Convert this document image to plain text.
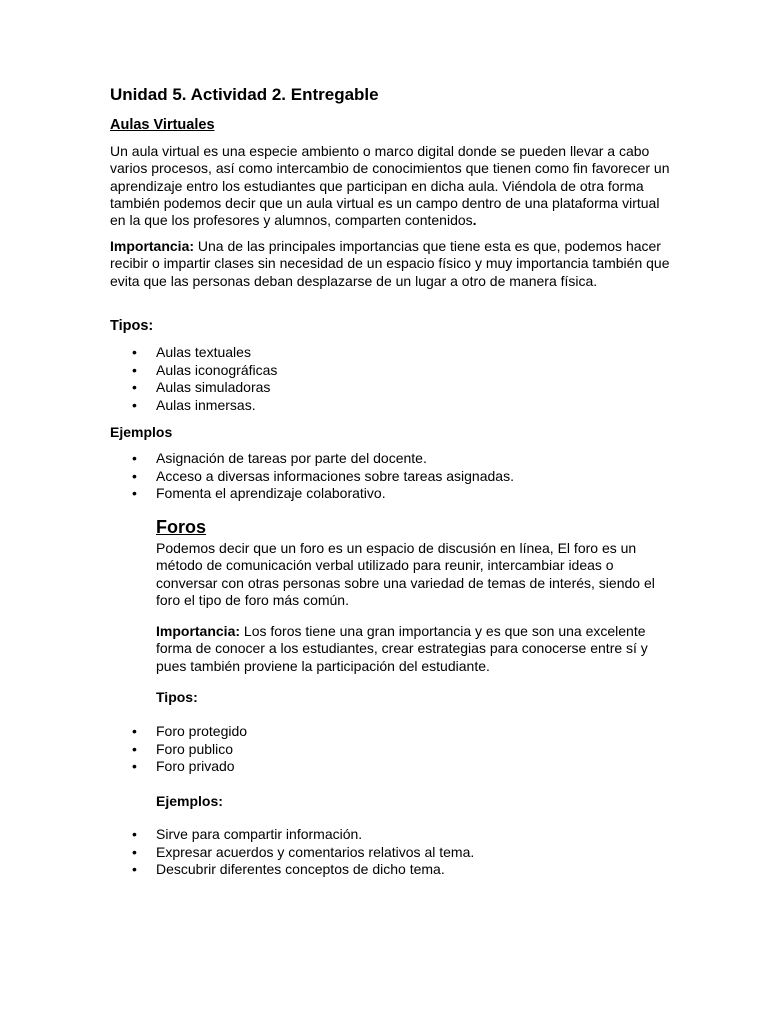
Unidad 5. Actividad 2. Entregable
Aulas Virtuales

Un aula virtual es una especie ambiento o marco digital donde se pueden llevar a cabo varios procesos, así como intercambio de conocimientos que tienen como fin favorecer un aprendizaje entro los estudiantes que participan en dicha aula. Viéndola de otra forma también podemos decir que un aula virtual es un campo dentro de una plataforma virtual en la que los profesores y alumnos, comparten contenidos.

Importancia: Una de las principales importancias que tiene esta es que, podemos hacer recibir o impartir clases sin necesidad de un espacio físico y muy importancia también que evita que las personas deban desplazarse de un lugar a otro de manera física.

Tipos:
• Aulas textuales
• Aulas iconográficas
• Aulas simuladoras
• Aulas inmersas.
Ejemplos
• Asignación de tareas por parte del docente.
• Acceso a diversas informaciones sobre tareas asignadas.
• Fomenta el aprendizaje colaborativo.
Foros

Podemos decir que un foro es un espacio de discusión en línea, El foro es un método de comunicación verbal utilizado para reunir, intercambiar ideas o conversar con otras personas sobre una variedad de temas de interés, siendo el foro el tipo de foro más común.

Importancia: Los foros tiene una gran importancia y es que son una excelente forma de conocer a los estudiantes, crear estrategias para conocerse entre sí y pues también proviene la participación del estudiante.

Tipos:
• Foro protegido
• Foro publico
• Foro privado
Ejemplos:
• Sirve para compartir información.
• Expresar acuerdos y comentarios relativos al tema.
• Descubrir diferentes conceptos de dicho tema.
